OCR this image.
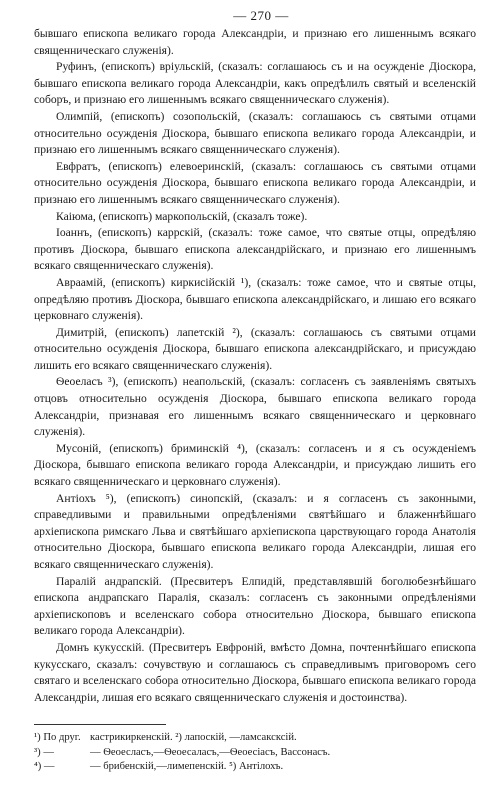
— 270 —

бывшаго епископа великаго города Александріи, и признаю его лишеннымъ всякаго священническаго служенія).

Руфинъ, (епископъ) вріульскій, (сказалъ: соглашаюсь съ и на осужденіе Діоскора, бывшаго епископа великаго города Александріи, какъ опредѣлилъ святый и вселенскій соборъ, и признаю его лишеннымъ всякаго священническаго служенія).

Олимпій, (епископъ) созопольскій, (сказалъ: соглашаюсь съ святыми отцами относительно осужденія Діоскора, бывшаго епископа великаго города Александріи, и признаю его лишеннымъ всякаго священническаго служенія).

Евфратъ, (епископъ) елевоеринскій, (сказалъ: соглашаюсь съ святыми отцами относительно осужденія Діоскора, бывшаго епископа великаго города Александріи, и признаю его лишеннымъ всякаго священническаго служенія).

Каіюма, (епископъ) маркопольскій, (сказалъ тоже).

Іоаннъ, (епископъ) каррскій, (сказалъ: тоже самое, что святые отцы, опредѣляю противъ Діоскора, бывшаго епископа александрійскаго, и признаю его лишеннымъ всякаго священническаго служенія).

Авраамій, (епископъ) киркисійскій ¹), (сказалъ: тоже самое, что и святые отцы, опредѣляю противъ Діоскора, бывшаго епископа александрійскаго, и лишаю его всякаго церковнаго служенія).

Димитрій, (епископъ) лапетскій ²), (сказалъ: соглашаюсь съ святыми отцами относительно осужденія Діоскора, бывшаго епископа александрійскаго, и присуждаю лишить его всякаго священническаго служенія).

Ѳеоеласъ ³), (епископъ) неапольскій, (сказалъ: согласенъ съ заявленіямъ святыхъ отцовъ относительно осужденія Діоскора, бывшаго епископа великаго города Александріи, признавая его лишеннымъ всякаго священническаго и церковнаго служенія).

Мусоній, (епископъ) бриминскій ⁴), (сказалъ: согласенъ и я съ осужденіемъ Діоскора, бывшаго епископа великаго города Александріи, и присуждаю лишить его всякаго священническаго и церковнаго служенія).

Антіохъ ⁵), (епископъ) синопскій, (сказалъ: и я согласенъ съ законными, справедливыми и правильными опредѣленіями святѣйшаго и блаженнѣйшаго архіепископа римскаго Льва и святѣйшаго архіепископа царствующаго города Анатолія относительно Діоскора, бывшаго епископа великаго города Александріи, лишая его всякаго священническаго служенія).

Паралій андрапскій. (Пресвитеръ Елпидій, представлявшій боголюбезнѣйшаго епископа андрапскаго Паралія, сказалъ: согласенъ съ законными опредѣленіями архіепископовъ и вселенскаго собора относительно Діоскора, бывшаго епископа великаго города Александріи).

Домнъ кукусскій. (Пресвитеръ Евфроній, вмѣсто Домна, почтеннѣйшаго епископа кукусскаго, сказалъ: сочувствую и соглашаюсь съ справедливымъ приговоромъ сего святаго и вселенскаго собора относительно Діоскора, бывшаго епископа великаго города Александріи, лишая его всякаго священническаго служенія и достоинства).

¹) По друг. кастрикиркенскій. ²) лапоскій, —ламсаксксій.
³) —	— Ѳеоесласъ,—Ѳеоесаласъ,—Ѳеоесіасъ, Вассонасъ.
⁴) —	— брибенскій,—лимепенскій. ⁵) Антілохъ.
